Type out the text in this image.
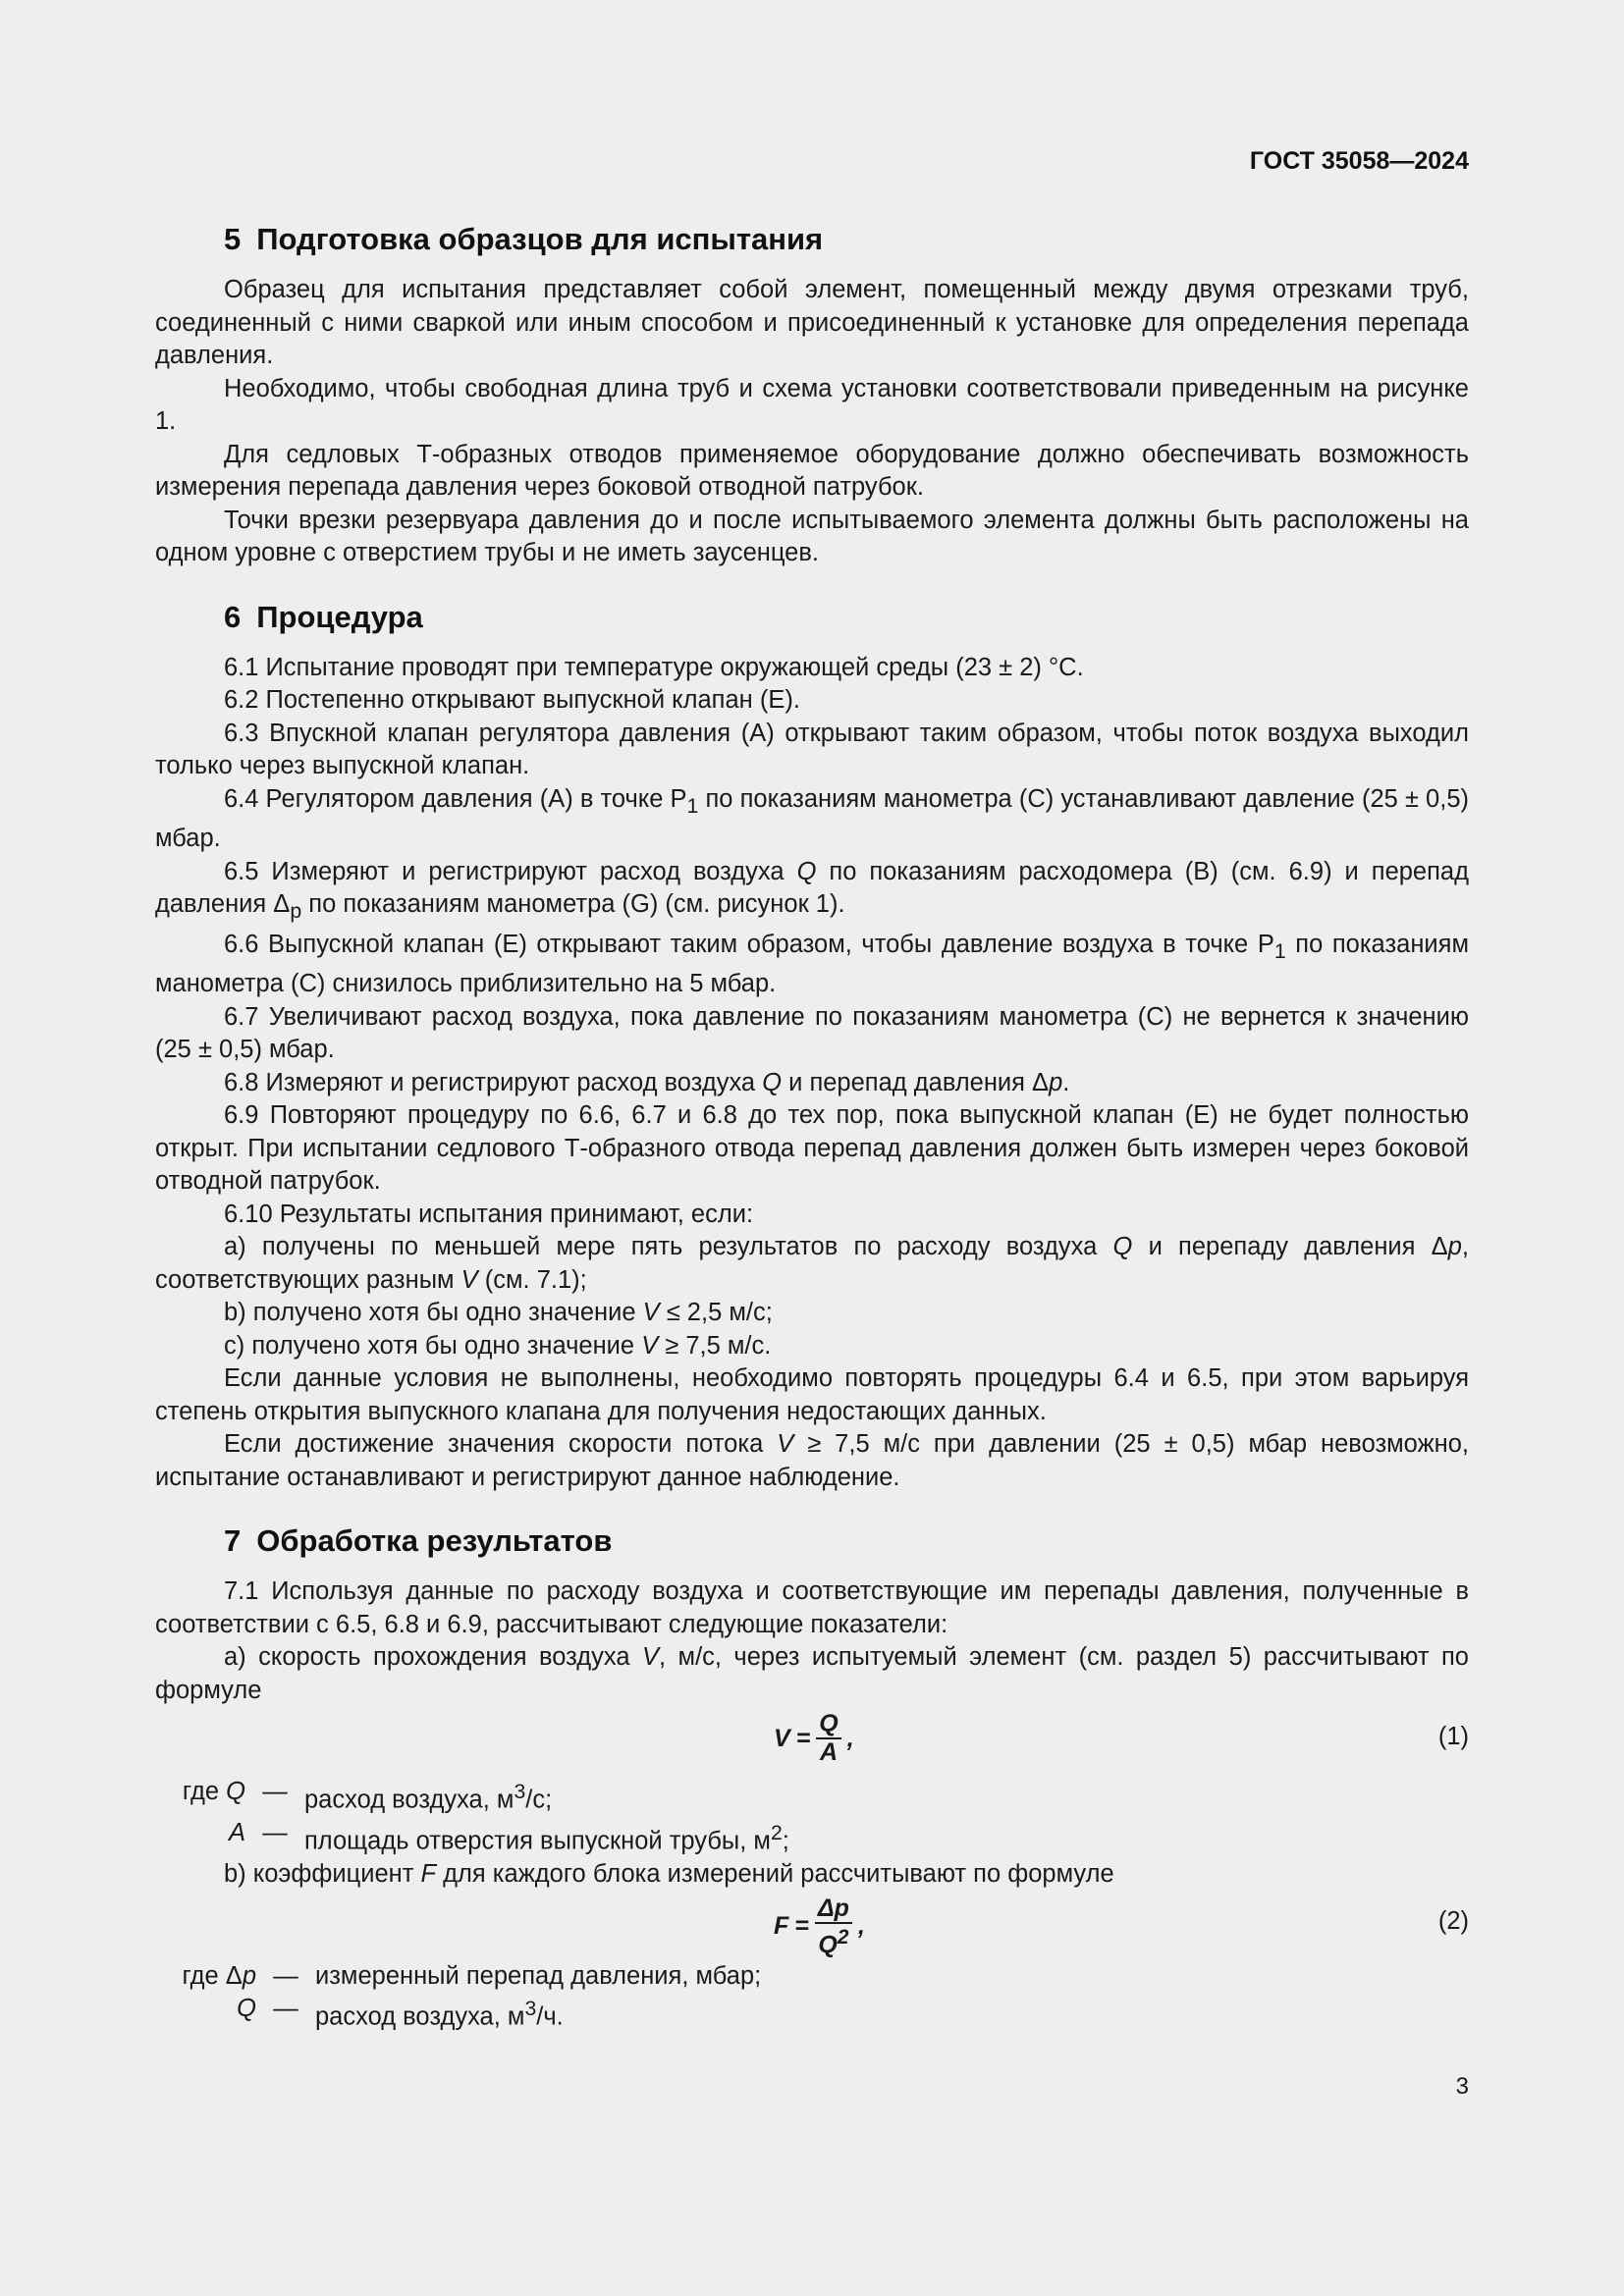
ГОСТ 35058—2024
5 Подготовка образцов для испытания

Образец для испытания представляет собой элемент, помещенный между двумя отрезками труб, соединенный с ними сваркой или иным способом и присоединенный к установке для определения перепада давления.

Необходимо, чтобы свободная длина труб и схема установки соответствовали приведенным на рисунке 1.

Для седловых Т-образных отводов применяемое оборудование должно обеспечивать возможность измерения перепада давления через боковой отводной патрубок.

Точки врезки резервуара давления до и после испытываемого элемента должны быть расположены на одном уровне с отверстием трубы и не иметь заусенцев.

6 Процедура

6.1 Испытание проводят при температуре окружающей среды (23 ± 2) °С.

6.2 Постепенно открывают выпускной клапан (Е).

6.3 Впускной клапан регулятора давления (А) открывают таким образом, чтобы поток воздуха выходил только через выпускной клапан.

6.4 Регулятором давления (А) в точке $Р_1$ по показаниям манометра (С) устанавливают давление (25 ± 0,5) мбар.

6.5 Измеряют и регистрируют расход воздуха Q по показаниям расходомера (В) (см. 6.9) и перепад давления $\Delta_p$ по показаниям манометра (G) (см. рисунок 1).

6.6 Выпускной клапан (Е) открывают таким образом, чтобы давление воздуха в точке $Р_1$ по показаниям манометра (С) снизилось приблизительно на 5 мбар.

6.7 Увеличивают расход воздуха, пока давление по показаниям манометра (С) не вернется к значению (25 ± 0,5) мбар.

6.8 Измеряют и регистрируют расход воздуха Q и перепад давления Δp.

6.9 Повторяют процедуру по 6.6, 6.7 и 6.8 до тех пор, пока выпускной клапан (Е) не будет полностью открыт. При испытании седлового Т-образного отвода перепад давления должен быть измерен через боковой отводной патрубок.

6.10 Результаты испытания принимают, если:

а) получены по меньшей мере пять результатов по расходу воздуха Q и перепаду давления Δp, соответствующих разным V (см. 7.1);

b) получено хотя бы одно значение V ≤ 2,5 м/с;

c) получено хотя бы одно значение V ≥ 7,5 м/с.

Если данные условия не выполнены, необходимо повторять процедуры 6.4 и 6.5, при этом варьируя степень открытия выпускного клапана для получения недостающих данных.

Если достижение значения скорости потока V ≥ 7,5 м/с при давлении (25 ± 0,5) мбар невозможно, испытание останавливают и регистрируют данное наблюдение.

7 Обработка результатов

7.1 Используя данные по расходу воздуха и соответствующие им перепады давления, полученные в соответствии с 6.5, 6.8 и 6.9, рассчитывают следующие показатели:

а) скорость прохождения воздуха V, м/с, через испытуемый элемент (см. раздел 5) рассчитывают по формуле

$V = \frac{Q}{A}$ ,	(1)
где Q — расход воздуха, $м^3/с$;
A — площадь отверстия выпускной трубы, $м^2$;

b) коэффициент F для каждого блока измерений рассчитывают по формуле

$F = \frac{\Delta p}{Q^2}$ ,	(2)
где Δp — измеренный перепад давления, мбар;
Q — расход воздуха, $м^3/ч$.
3
